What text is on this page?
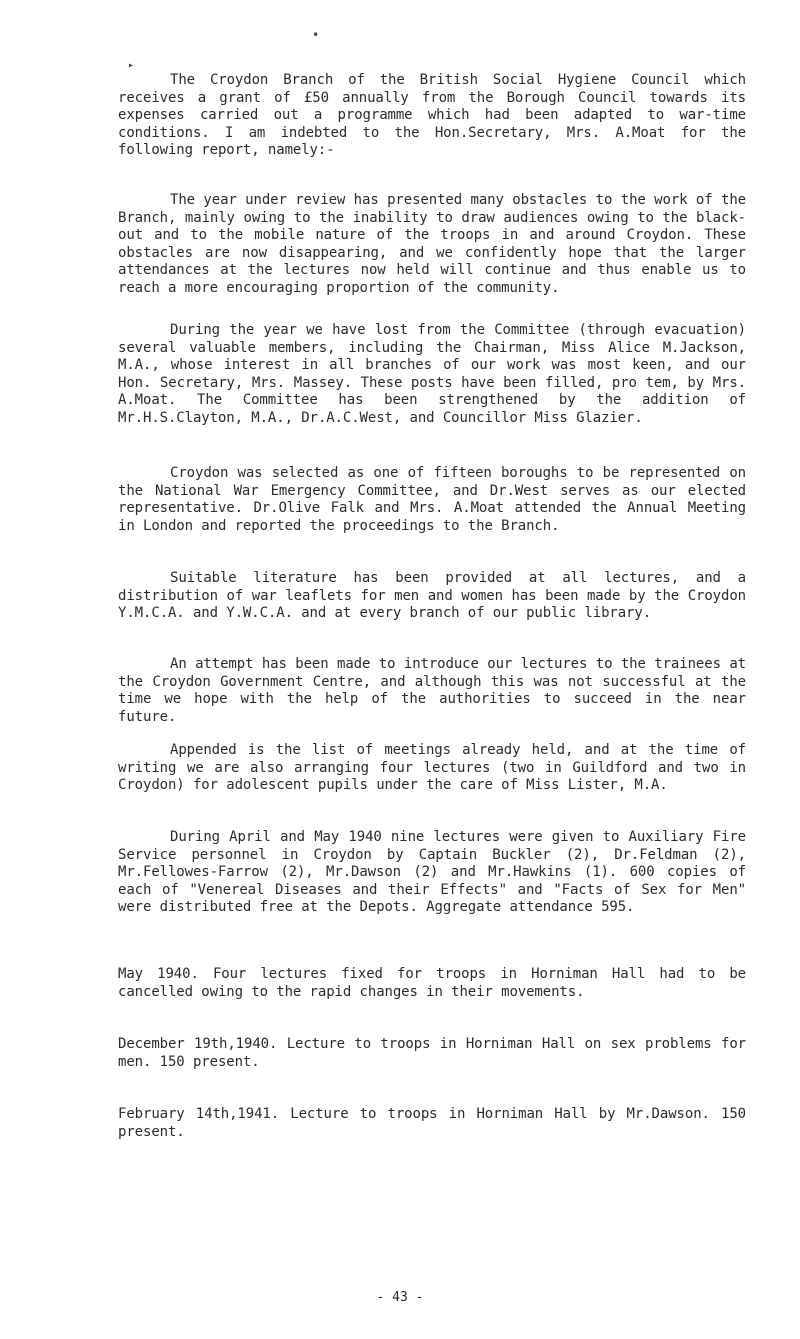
•
▸

The Croydon Branch of the British Social Hygiene Council which receives a grant of £50 annually from the Borough Council towards its expenses carried out a programme which had been adapted to war-time conditions. I am indebted to the Hon.Secretary, Mrs. A.Moat for the following report, namely:-

The year under review has presented many obstacles to the work of the Branch, mainly owing to the inability to draw audiences owing to the black-out and to the mobile nature of the troops in and around Croydon. These obstacles are now disappearing, and we confidently hope that the larger attendances at the lectures now held will continue and thus enable us to reach a more encouraging proportion of the community.

During the year we have lost from the Committee (through evacuation) several valuable members, including the Chairman, Miss Alice M.Jackson, M.A., whose interest in all branches of our work was most keen, and our Hon. Secretary, Mrs. Massey. These posts have been filled, pro tem, by Mrs. A.Moat. The Committee has been strengthened by the addition of Mr.H.S.Clayton, M.A., Dr.A.C.West, and Councillor Miss Glazier.

Croydon was selected as one of fifteen boroughs to be represented on the National War Emergency Committee, and Dr.West serves as our elected representative. Dr.Olive Falk and Mrs. A.Moat attended the Annual Meeting in London and reported the proceedings to the Branch.

Suitable literature has been provided at all lectures, and a distribution of war leaflets for men and women has been made by the Croydon Y.M.C.A. and Y.W.C.A. and at every branch of our public library.

An attempt has been made to introduce our lectures to the trainees at the Croydon Government Centre, and although this was not successful at the time we hope with the help of the authorities to succeed in the near future.

Appended is the list of meetings already held, and at the time of writing we are also arranging four lectures (two in Guildford and two in Croydon) for adolescent pupils under the care of Miss Lister, M.A.

During April and May 1940 nine lectures were given to Auxiliary Fire Service personnel in Croydon by Captain Buckler (2), Dr.Feldman (2), Mr.Fellowes-Farrow (2), Mr.Dawson (2) and Mr.Hawkins (1). 600 copies of each of "Venereal Diseases and their Effects" and "Facts of Sex for Men" were distributed free at the Depots. Aggregate attendance 595.

May 1940. Four lectures fixed for troops in Horniman Hall had to be cancelled owing to the rapid changes in their movements.

December 19th,1940. Lecture to troops in Horniman Hall on sex problems for men. 150 present.

February 14th,1941. Lecture to troops in Horniman Hall by Mr.Dawson. 150 present.

- 43 -
